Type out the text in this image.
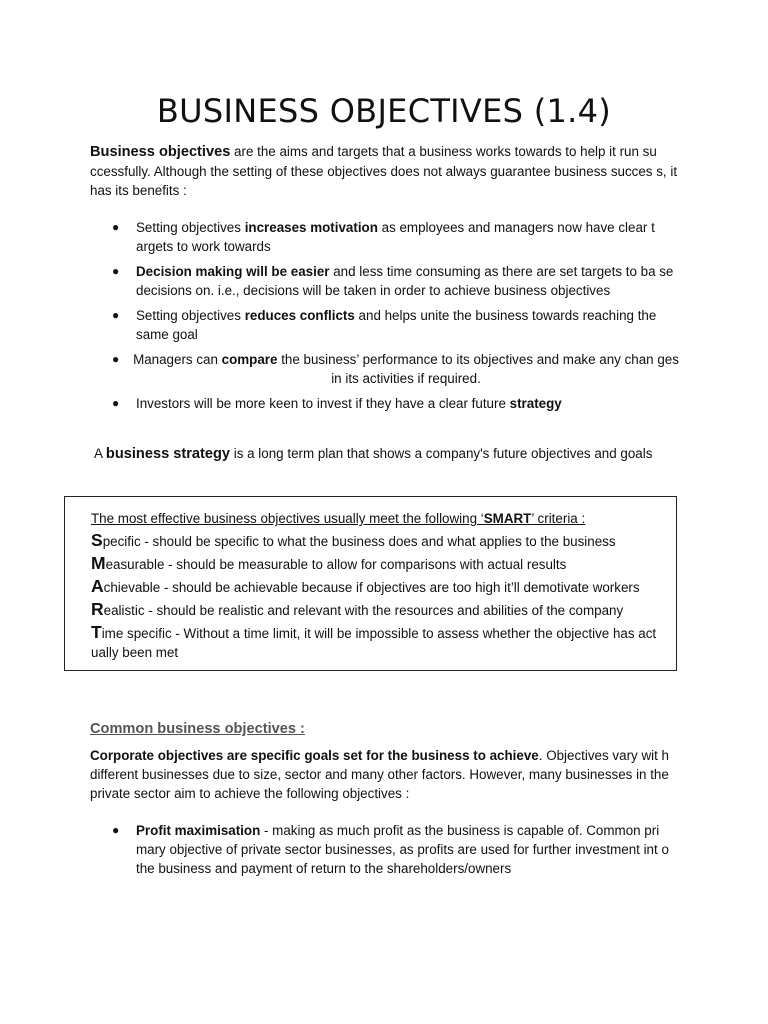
BUSINESS OBJECTIVES (1.4)
Business objectives are the aims and targets that a business works towards to help it run su ccessfully. Although the setting of these objectives does not always guarantee business succes s, it has its benefits :
● Setting objectives increases motivation as employees and managers now have clear t argets to work towards
● Decision making will be easier and less time consuming as there are set targets to ba se decisions on. i.e., decisions will be taken in order to achieve business objectives
● Setting objectives reduces conflicts and helps unite the business towards reaching the same goal
● Managers can compare the business’ performance to its objectives and make any chan ges in its activities if required.
● Investors will be more keen to invest if they have a clear future strategy
A business strategy is a long term plan that shows a company's future objectives and goals
The most effective business objectives usually meet the following ‘SMART’ criteria :
Specific - should be specific to what the business does and what applies to the business
Measurable - should be measurable to allow for comparisons with actual results
Achievable - should be achievable because if objectives are too high it’ll demotivate workers
Realistic - should be realistic and relevant with the resources and abilities of the company
Time specific - Without a time limit, it will be impossible to assess whether the objective has act ually been met
Common business objectives :
Corporate objectives are specific goals set for the business to achieve. Objectives vary wit h different businesses due to size, sector and many other factors. However, many businesses in the private sector aim to achieve the following objectives :
● Profit maximisation - making as much profit as the business is capable of. Common pri mary objective of private sector businesses, as profits are used for further investment int o the business and payment of return to the shareholders/owners
